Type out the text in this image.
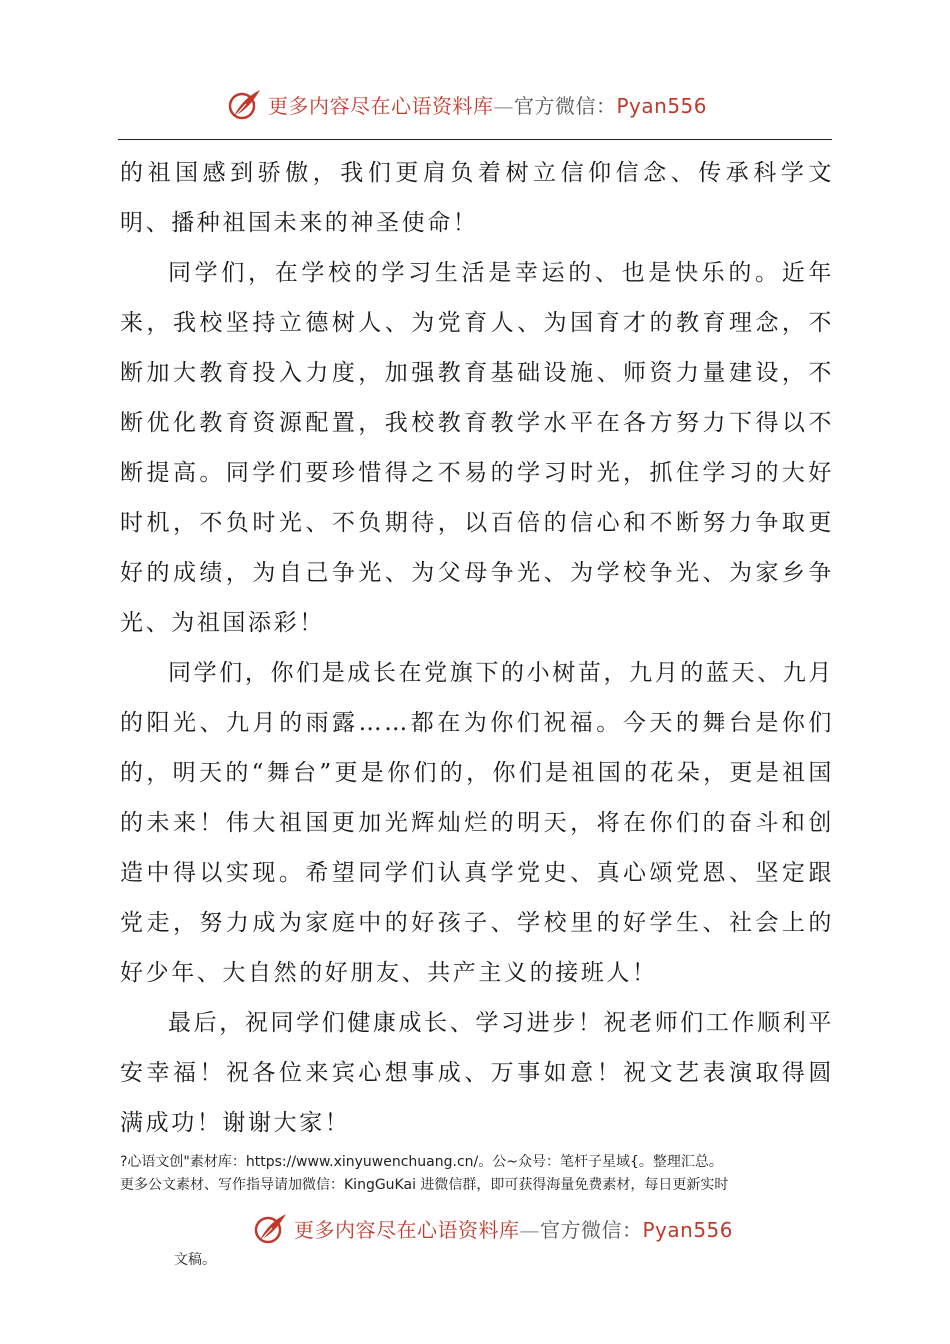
更多内容尽在心语资料库—官方微信：Pyan556

的祖国感到骄傲，我们更肩负着树立信仰信念、传承科学文明、播种祖国未来的神圣使命！

同学们，在学校的学习生活是幸运的、也是快乐的。近年来，我校坚持立德树人、为党育人、为国育才的教育理念，不断加大教育投入力度，加强教育基础设施、师资力量建设，不断优化教育资源配置，我校教育教学水平在各方努力下得以不断提高。同学们要珍惜得之不易的学习时光，抓住学习的大好时机，不负时光、不负期待，以百倍的信心和不断努力争取更好的成绩，为自己争光、为父母争光、为学校争光、为家乡争光、为祖国添彩！

同学们，你们是成长在党旗下的小树苗，九月的蓝天、九月的阳光、九月的雨露……都在为你们祝福。今天的舞台是你们的，明天的“舞台”更是你们的，你们是祖国的花朵，更是祖国的未来！伟大祖国更加光辉灿烂的明天，将在你们的奋斗和创造中得以实现。希望同学们认真学党史、真心颂党恩、坚定跟党走，努力成为家庭中的好孩子、学校里的好学生、社会上的好少年、大自然的好朋友、共产主义的接班人！

最后，祝同学们健康成长、学习进步！祝老师们工作顺利平安幸福！祝各位来宾心想事成、万事如意！祝文艺表演取得圆满成功！谢谢大家！

?心语文创"素材库：https://www.xinyuwenchuang.cn/。公~众号：笔杆子星域{。整理汇总。
更多公文素材、写作指导请加微信：KingGuKai 进微信群，即可获得海量免费素材，每日更新实时
更多内容尽在心语资料库—官方微信：Pyan556
文稿。
